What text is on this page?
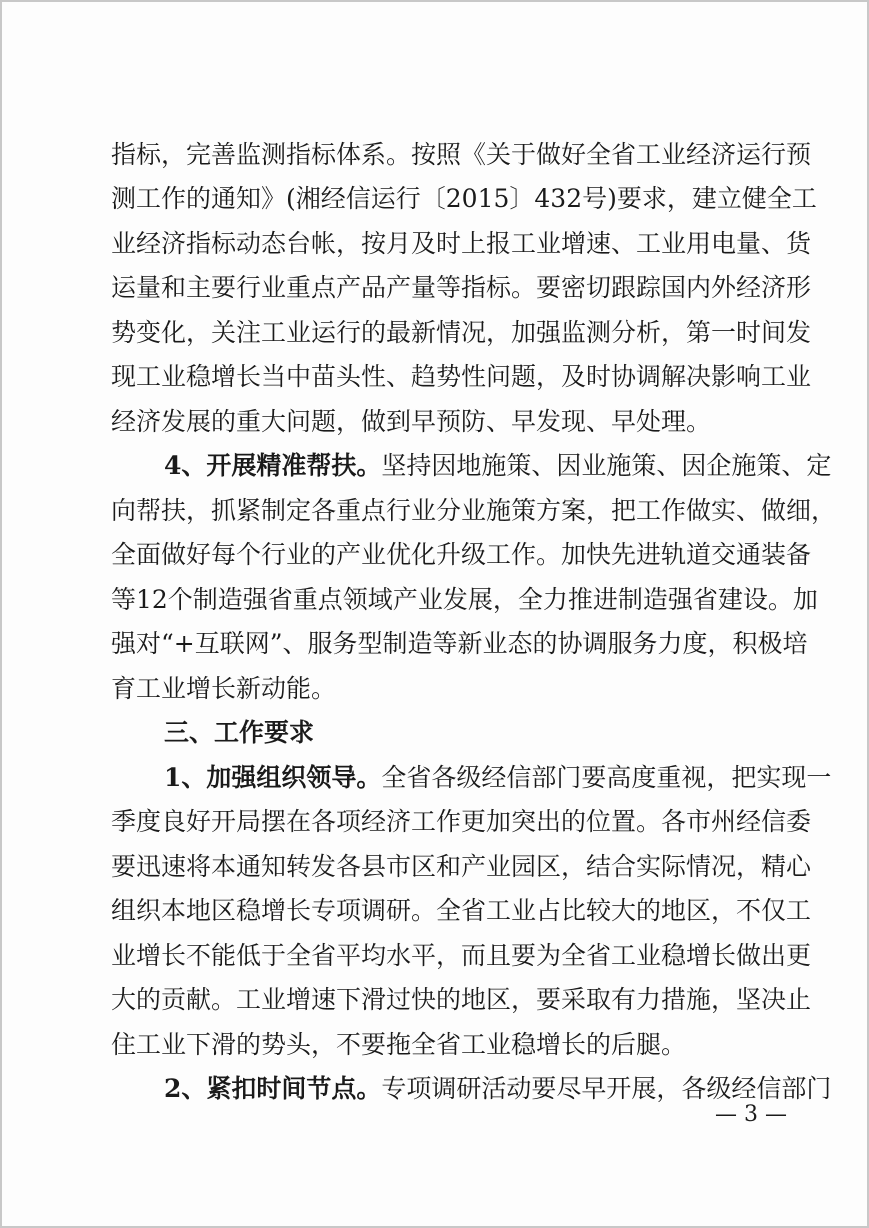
指标，完善监测指标体系。按照《关于做好全省工业经济运行预
测工作的通知》(湘经信运行〔2015〕432号)要求，建立健全工
业经济指标动态台帐，按月及时上报工业增速、工业用电量、货
运量和主要行业重点产品产量等指标。要密切跟踪国内外经济形
势变化，关注工业运行的最新情况，加强监测分析，第一时间发
现工业稳增长当中苗头性、趋势性问题，及时协调解决影响工业
经济发展的重大问题，做到早预防、早发现、早处理。
4、开展精准帮扶。坚持因地施策、因业施策、因企施策、定
向帮扶，抓紧制定各重点行业分业施策方案，把工作做实、做细，
全面做好每个行业的产业优化升级工作。加快先进轨道交通装备
等12个制造强省重点领域产业发展，全力推进制造强省建设。加
强对“+互联网”、服务型制造等新业态的协调服务力度，积极培
育工业增长新动能。
三、工作要求
1、加强组织领导。全省各级经信部门要高度重视，把实现一
季度良好开局摆在各项经济工作更加突出的位置。各市州经信委
要迅速将本通知转发各县市区和产业园区，结合实际情况，精心
组织本地区稳增长专项调研。全省工业占比较大的地区，不仅工
业增长不能低于全省平均水平，而且要为全省工业稳增长做出更
大的贡献。工业增速下滑过快的地区，要采取有力措施，坚决止
住工业下滑的势头，不要拖全省工业稳增长的后腿。
2、紧扣时间节点。专项调研活动要尽早开展，各级经信部门
— 3 —
